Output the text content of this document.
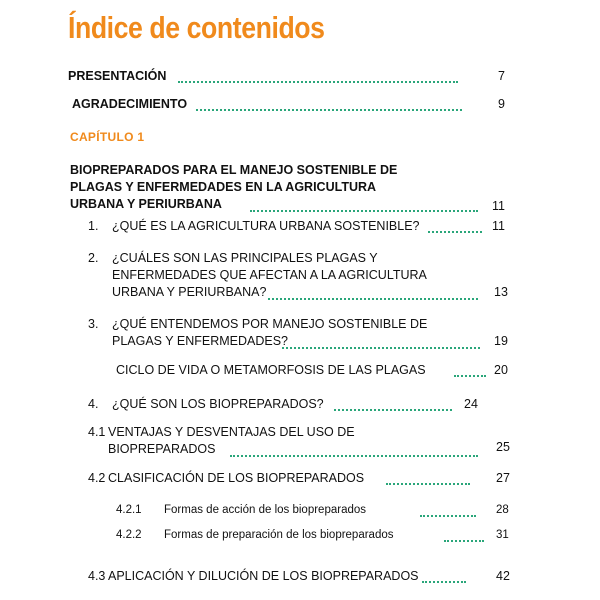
Índice de contenidos
PRESENTACIÓN	7
AGRADECIMIENTO	9
CAPÍTULO 1
BIOPREPARADOS PARA EL MANEJO SOSTENIBLE DE
PLAGAS Y ENFERMEDADES EN LA AGRICULTURA
URBANA Y PERIURBANA	11
1. ¿QUÉ ES LA AGRICULTURA URBANA SOSTENIBLE?	11
2. ¿CUÁLES SON LAS PRINCIPALES PLAGAS Y
ENFERMEDADES QUE AFECTAN A LA AGRICULTURA
URBANA Y PERIURBANA?	13
3. ¿QUÉ ENTENDEMOS POR MANEJO SOSTENIBLE DE
PLAGAS Y ENFERMEDADES?	19
CICLO DE VIDA O METAMORFOSIS DE LAS PLAGAS	20
4. ¿QUÉ SON LOS BIOPREPARADOS?	24
4.1 VENTAJAS Y DESVENTAJAS DEL USO DE
BIOPREPARADOS	25
4.2 CLASIFICACIÓN DE LOS BIOPREPARADOS	27
4.2.1 Formas de acción de los biopreparados	28
4.2.2 Formas de preparación de los biopreparados	31
4.3 APLICACIÓN Y DILUCIÓN DE LOS BIOPREPARADOS	42
